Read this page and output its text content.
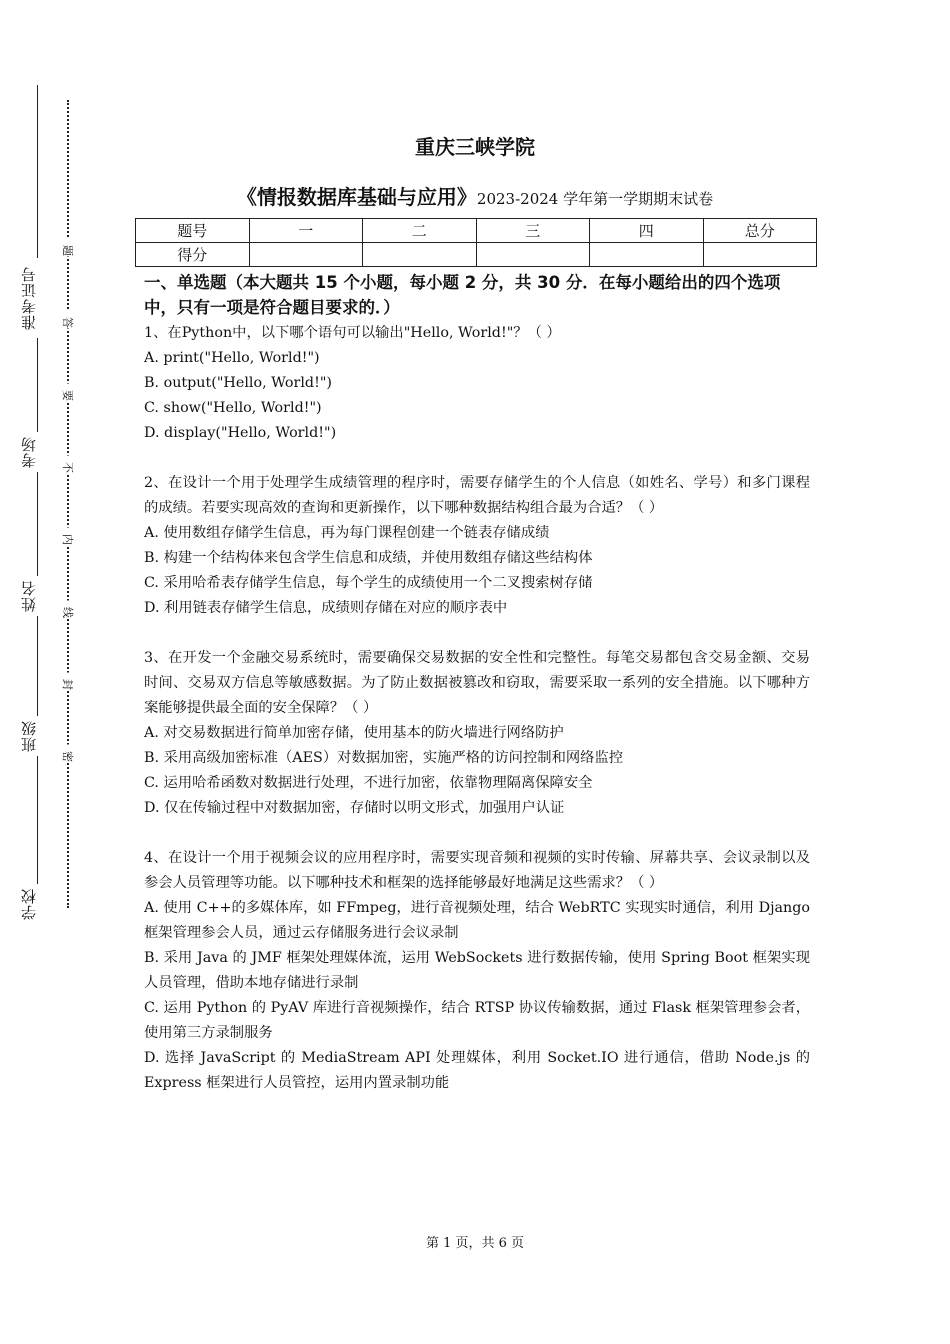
准考证号
考场
姓名
班级
学校
题
答
要
不
内
线
封
密
重庆三峡学院
《情报数据库基础与应用》2023-2024 学年第一学期期末试卷
题号	一	二	三	四	总分
得分					

一、单选题（本大题共 15 个小题，每小题 2 分，共 30 分．在每小题给出的四个选项中，只有一项是符合题目要求的．）

1、在Python中，以下哪个语句可以输出"Hello, World!"？（ ）

A. print("Hello, World!")

B. output("Hello, World!")

C. show("Hello, World!")

D. display("Hello, World!")

2、在设计一个用于处理学生成绩管理的程序时，需要存储学生的个人信息（如姓名、学号）和多门课程的成绩。若要实现高效的查询和更新操作，以下哪种数据结构组合最为合适？（ ）

A. 使用数组存储学生信息，再为每门课程创建一个链表存储成绩

B. 构建一个结构体来包含学生信息和成绩，并使用数组存储这些结构体

C. 采用哈希表存储学生信息，每个学生的成绩使用一个二叉搜索树存储

D. 利用链表存储学生信息，成绩则存储在对应的顺序表中

3、在开发一个金融交易系统时，需要确保交易数据的安全性和完整性。每笔交易都包含交易金额、交易时间、交易双方信息等敏感数据。为了防止数据被篡改和窃取，需要采取一系列的安全措施。以下哪种方案能够提供最全面的安全保障？（ ）

A. 对交易数据进行简单加密存储，使用基本的防火墙进行网络防护

B. 采用高级加密标准（AES）对数据加密，实施严格的访问控制和网络监控

C. 运用哈希函数对数据进行处理，不进行加密，依靠物理隔离保障安全

D. 仅在传输过程中对数据加密，存储时以明文形式，加强用户认证

4、在设计一个用于视频会议的应用程序时，需要实现音频和视频的实时传输、屏幕共享、会议录制以及参会人员管理等功能。以下哪种技术和框架的选择能够最好地满足这些需求？（ ）

A. 使用 C++的多媒体库，如 FFmpeg，进行音视频处理，结合 WebRTC 实现实时通信，利用 Django 框架管理参会人员，通过云存储服务进行会议录制

B. 采用 Java 的 JMF 框架处理媒体流，运用 WebSockets 进行数据传输，使用 Spring Boot 框架实现人员管理，借助本地存储进行录制

C. 运用 Python 的 PyAV 库进行音视频操作，结合 RTSP 协议传输数据，通过 Flask 框架管理参会者，使用第三方录制服务

D. 选择 JavaScript 的 MediaStream API 处理媒体，利用 Socket.IO 进行通信，借助 Node.js 的 Express 框架进行人员管控，运用内置录制功能

第 1 页，共 6 页
